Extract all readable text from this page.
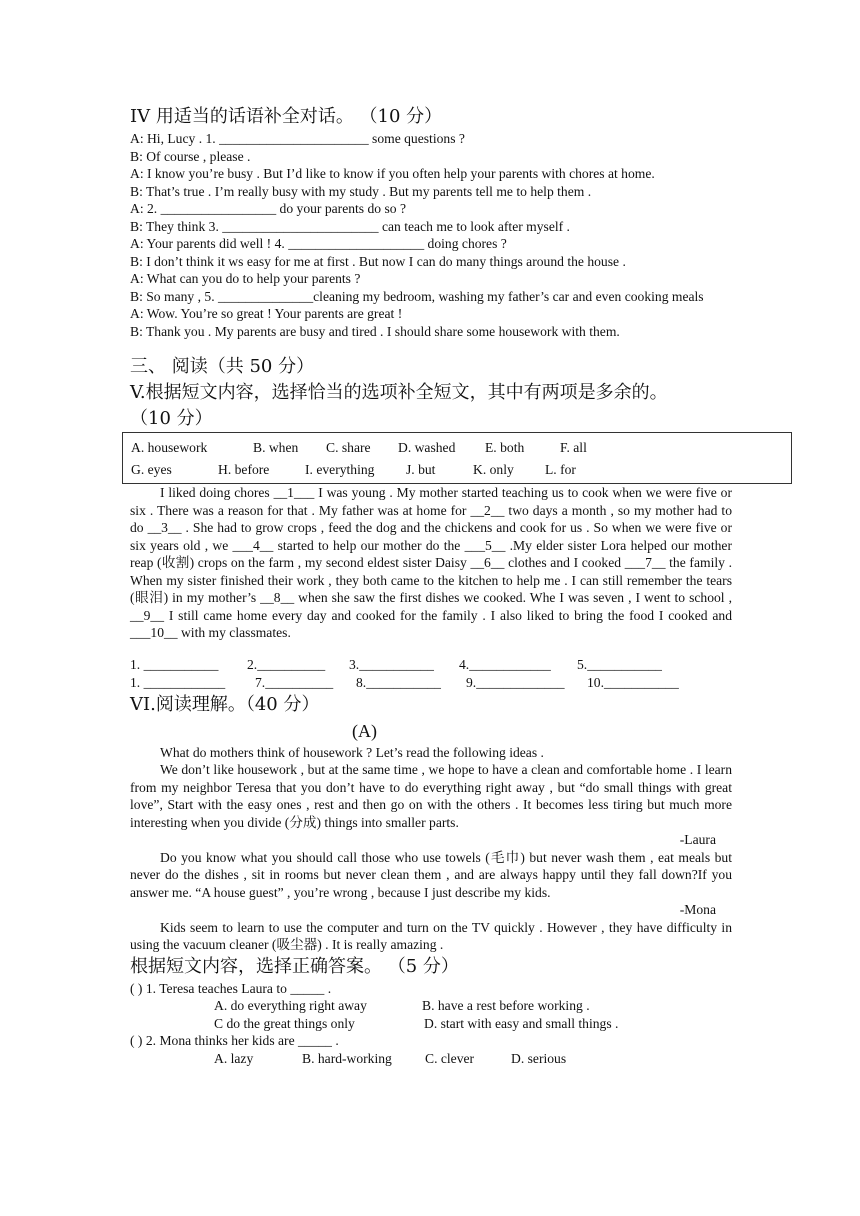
IV 用适当的话语补全对话。 （10 分）
A: Hi, Lucy . 1. ______________________ some questions ?
B: Of course , please .
A: I know you’re busy . But I’d like to know if you often help your parents with chores at home.
B: That’s true . I’m really busy with my study . But my parents tell me to help them .
A: 2. _________________ do your parents do so ?
B: They think 3. _______________________ can teach me to look after myself .
A: Your parents did well ! 4. ____________________ doing chores ?
B: I don’t think it ws easy for me at first . But now I can do many things around the house .
A: What can you do to help your parents ?
B: So many , 5. ______________cleaning my bedroom, washing my father’s car and even cooking meals
A: Wow. You’re so great ! Your parents are great !
B: Thank you . My parents are busy and tired . I should share some housework with them.
三、 阅读（共 50 分）
V.根据短文内容，选择恰当的选项补全短文，其中有两项是多余的。
（10 分）
A. housework	B. when C. share D. washed E. both	F. all
G. eyes	H. before	I. everything J. but	K. only L. for
I liked doing chores __1___ I was young . My mother started teaching us to cook when we were five or six . There was a reason for that . My father was at home for __2__ two days a month , so my mother had to do __3__ . She had to grow crops , feed the dog and the chickens and cook for us . So when we were five or six years old , we ___4__ started to help our mother do the ___5__ .My elder sister Lora helped our mother reap (收割) crops on the farm , my second eldest sister Daisy __6__ clothes and I cooked ___7__ the family . When my sister finished their work , they both came to the kitchen to help me . I can still remember the tears (眼泪) in my mother’s __8__ when she saw the first dishes we cooked. Whe I was seven , I went to school , __9__ I still came home every day and cooked for the family . I also liked to bring the food I cooked and ___10__ with my classmates.
1. ___________ 2.__________ 3.___________ 4.____________ 5.___________
1. ____________ 7.__________ 8.___________ 9._____________ 10.___________
VI.阅读理解。（40 分）
(A)
What do mothers think of housework ? Let’s read the following ideas .
We don’t like housework , but at the same time , we hope to have a clean and comfortable home . I learn from my neighbor Teresa that you don’t have to do everything right away , but “do small things with great love”, Start with the easy ones , rest and then go on with the others . It becomes less tiring but much more interesting when you divide (分成) things into smaller parts.
-Laura
Do you know what you should call those who use towels (毛巾) but never wash them , eat meals but never do the dishes , sit in rooms but never clean them , and are always happy until they fall down?If you answer me. “A house guest” , you’re wrong , because I just describe my kids.
-Mona
Kids seem to learn to use the computer and turn on the TV quickly . However , they have difficulty in using the vacuum cleaner (吸尘器) . It is really amazing .
根据短文内容，选择正确答案。 （5 分）
( ) 1. Teresa teaches Laura to _____ .
A. do everything right away	B. have a rest before working .
C do the great things only	D. start with easy and small things .
( ) 2. Mona thinks her kids are _____ .
A. lazy	B. hard-working C. clever	D. serious
